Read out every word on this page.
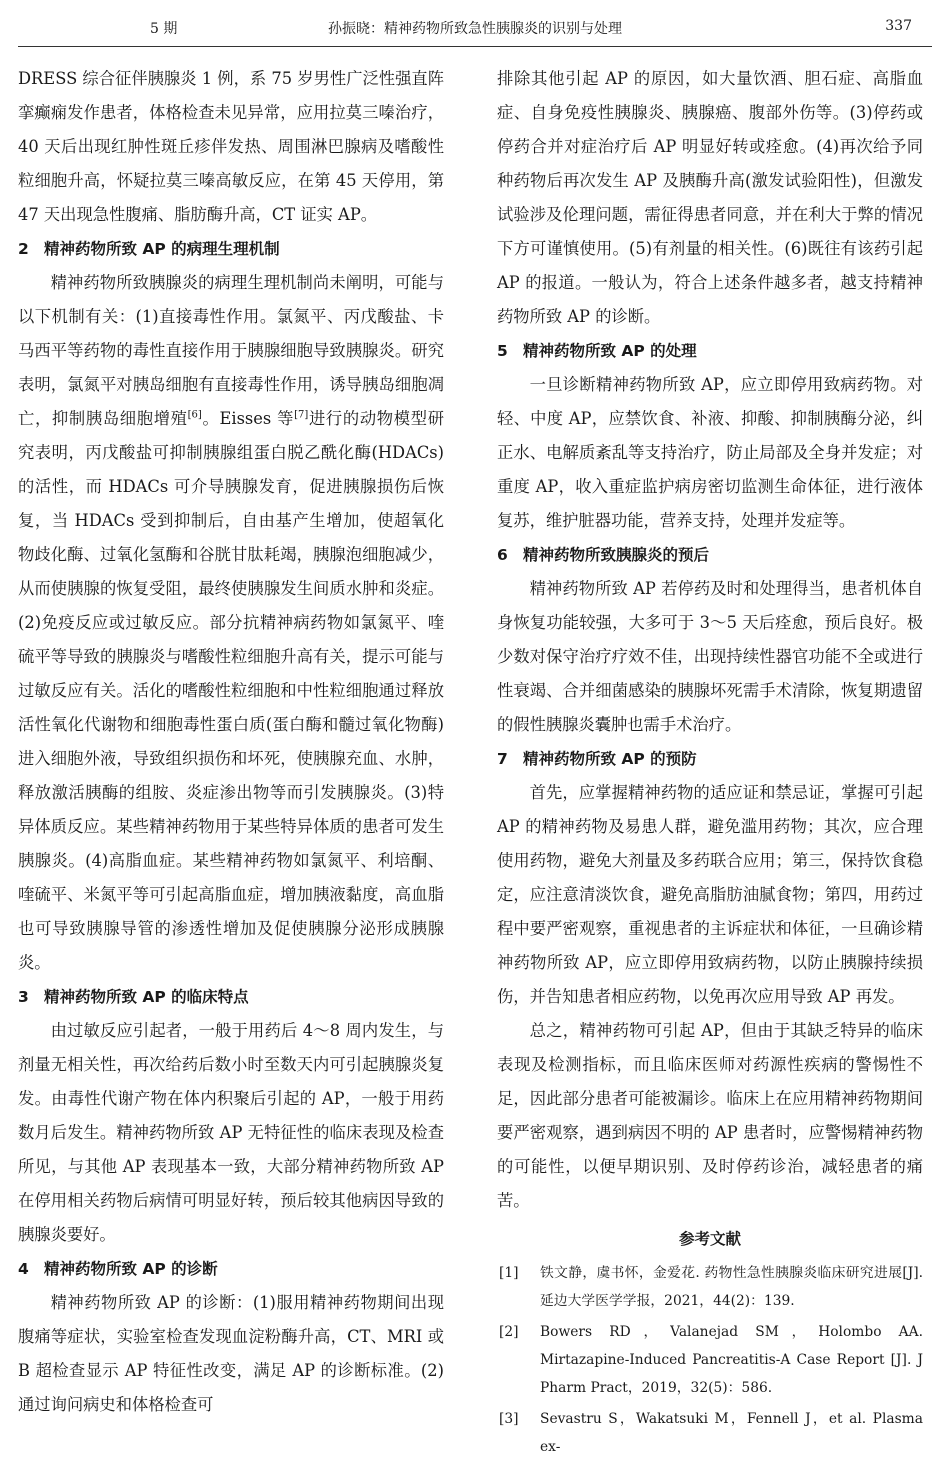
5 期	孙振晓：精神药物所致急性胰腺炎的识别与处理	337

DRESS 综合征伴胰腺炎 1 例，系 75 岁男性广泛性强直阵挛癫痫发作患者，体格检查未见异常，应用拉莫三嗪治疗，40 天后出现红肿性斑丘疹伴发热、周围淋巴腺病及嗜酸性粒细胞升高，怀疑拉莫三嗪高敏反应，在第 45 天停用，第 47 天出现急性腹痛、脂肪酶升高，CT 证实 AP。

2 精神药物所致 AP 的病理生理机制

精神药物所致胰腺炎的病理生理机制尚未阐明，可能与以下机制有关：(1)直接毒性作用。氯氮平、丙戊酸盐、卡马西平等药物的毒性直接作用于胰腺细胞导致胰腺炎。研究表明，氯氮平对胰岛细胞有直接毒性作用，诱导胰岛细胞凋亡，抑制胰岛细胞增殖[6]。Eisses 等[7]进行的动物模型研究表明，丙戊酸盐可抑制胰腺组蛋白脱乙酰化酶(HDACs)的活性，而 HDACs 可介导胰腺发育，促进胰腺损伤后恢复，当 HDACs 受到抑制后，自由基产生增加，使超氧化物歧化酶、过氧化氢酶和谷胱甘肽耗竭，胰腺泡细胞减少，从而使胰腺的恢复受阻，最终使胰腺发生间质水肿和炎症。(2)免疫反应或过敏反应。部分抗精神病药物如氯氮平、喹硫平等导致的胰腺炎与嗜酸性粒细胞升高有关，提示可能与过敏反应有关。活化的嗜酸性粒细胞和中性粒细胞通过释放活性氧化代谢物和细胞毒性蛋白质(蛋白酶和髓过氧化物酶)进入细胞外液，导致组织损伤和坏死，使胰腺充血、水肿，释放激活胰酶的组胺、炎症渗出物等而引发胰腺炎。(3)特异体质反应。某些精神药物用于某些特异体质的患者可发生胰腺炎。(4)高脂血症。某些精神药物如氯氮平、利培酮、喹硫平、米氮平等可引起高脂血症，增加胰液黏度，高血脂也可导致胰腺导管的渗透性增加及促使胰腺分泌形成胰腺炎。

3 精神药物所致 AP 的临床特点

由过敏反应引起者，一般于用药后 4～8 周内发生，与剂量无相关性，再次给药后数小时至数天内可引起胰腺炎复发。由毒性代谢产物在体内积聚后引起的 AP，一般于用药数月后发生。精神药物所致 AP 无特征性的临床表现及检查所见，与其他 AP 表现基本一致，大部分精神药物所致 AP 在停用相关药物后病情可明显好转，预后较其他病因导致的胰腺炎要好。

4 精神药物所致 AP 的诊断

精神药物所致 AP 的诊断：(1)服用精神药物期间出现腹痛等症状，实验室检查发现血淀粉酶升高，CT、MRI 或 B 超检查显示 AP 特征性改变，满足 AP 的诊断标准。(2)通过询问病史和体格检查可

排除其他引起 AP 的原因，如大量饮酒、胆石症、高脂血症、自身免疫性胰腺炎、胰腺癌、腹部外伤等。(3)停药或停药合并对症治疗后 AP 明显好转或痊愈。(4)再次给予同种药物后再次发生 AP 及胰酶升高(激发试验阳性)，但激发试验涉及伦理问题，需征得患者同意，并在利大于弊的情况下方可谨慎使用。(5)有剂量的相关性。(6)既往有该药引起 AP 的报道。一般认为，符合上述条件越多者，越支持精神药物所致 AP 的诊断。

5 精神药物所致 AP 的处理

一旦诊断精神药物所致 AP，应立即停用致病药物。对轻、中度 AP，应禁饮食、补液、抑酸、抑制胰酶分泌，纠正水、电解质紊乱等支持治疗，防止局部及全身并发症；对重度 AP，收入重症监护病房密切监测生命体征，进行液体复苏，维护脏器功能，营养支持，处理并发症等。

6 精神药物所致胰腺炎的预后

精神药物所致 AP 若停药及时和处理得当，患者机体自身恢复功能较强，大多可于 3～5 天后痊愈，预后良好。极少数对保守治疗疗效不佳，出现持续性器官功能不全或进行性衰竭、合并细菌感染的胰腺坏死需手术清除，恢复期遗留的假性胰腺炎囊肿也需手术治疗。

7 精神药物所致 AP 的预防

首先，应掌握精神药物的适应证和禁忌证，掌握可引起 AP 的精神药物及易患人群，避免滥用药物；其次，应合理使用药物，避免大剂量及多药联合应用；第三，保持饮食稳定，应注意清淡饮食，避免高脂肪油腻食物；第四，用药过程中要严密观察，重视患者的主诉症状和体征，一旦确诊精神药物所致 AP，应立即停用致病药物，以防止胰腺持续损伤，并告知患者相应药物，以免再次应用导致 AP 再发。

总之，精神药物可引起 AP，但由于其缺乏特异的临床表现及检测指标，而且临床医师对药源性疾病的警惕性不足，因此部分患者可能被漏诊。临床上在应用精神药物期间要严密观察，遇到病因不明的 AP 患者时，应警惕精神药物的可能性，以便早期识别、及时停药诊治，减轻患者的痛苦。

参考文献
[1] 铁文静，虞书怀，金爱花. 药物性急性胰腺炎临床研究进展[J]. 延边大学医学学报，2021，44(2)：139.
[2] Bowers RD，Valanejad SM，Holombo AA. Mirtazapine-Induced Pancreatitis-A Case Report [J]. J Pharm Pract，2019，32(5)：586.
[3] Sevastru S，Wakatsuki M，Fennell J，et al. Plasma ex-
